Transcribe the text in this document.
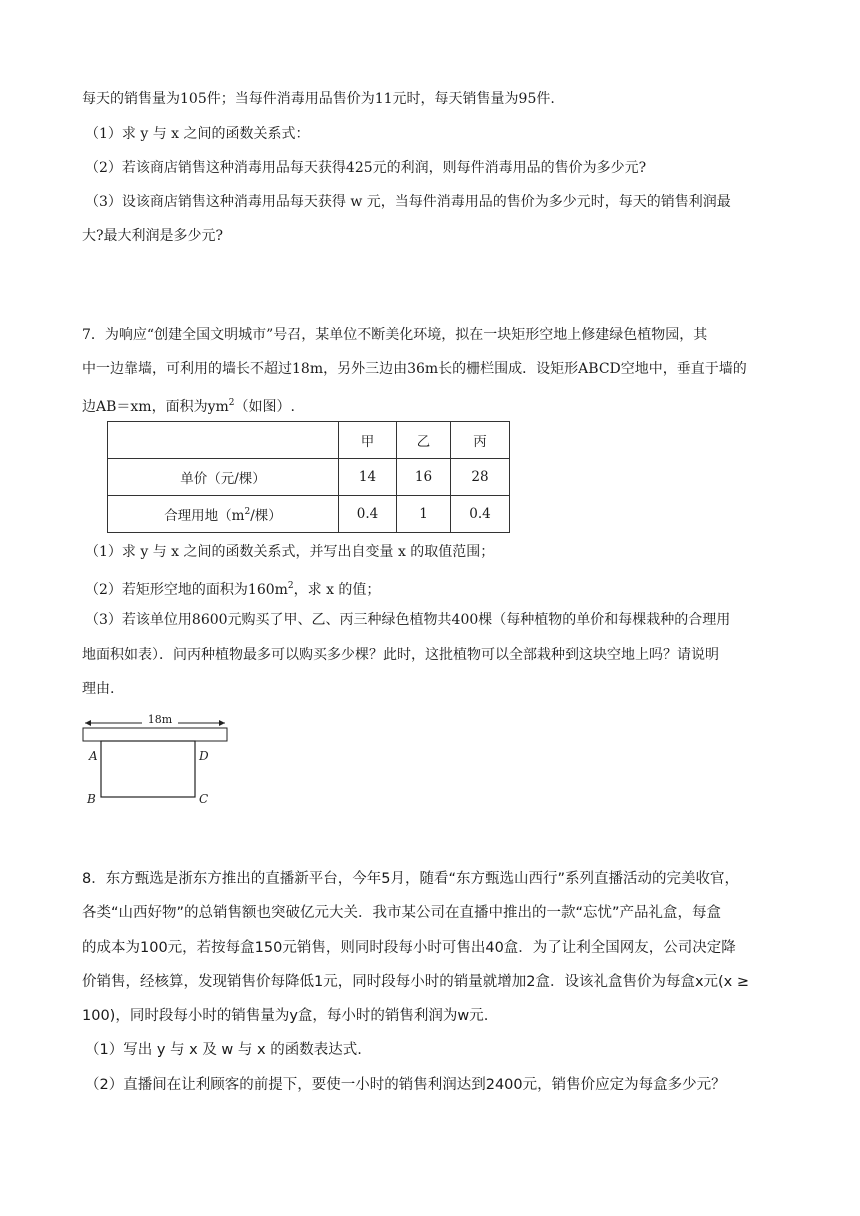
每天的销售量为105件；当每件消毒用品售价为11元时，每天销售量为95件.
（1）求 y 与 x 之间的函数关系式：
（2）若该商店销售这种消毒用品每天获得425元的利润，则每件消毒用品的售价为多少元?
（3）设该商店销售这种消毒用品每天获得 w 元，当每件消毒用品的售价为多少元时，每天的销售利润最
大?最大利润是多少元?
7．为响应“创建全国文明城市”号召，某单位不断美化环境，拟在一块矩形空地上修建绿色植物园，其
中一边靠墙，可利用的墙长不超过18m，另外三边由36m长的栅栏围成．设矩形ABCD空地中，垂直于墙的
边AB＝xm，面积为$ym^2$（如图）.
	甲	乙	丙
单价（元/棵）	14	16	28
合理用地（$m^2/$棵）	0.4	1	0.4
（1）求 y 与 x 之间的函数关系式，并写出自变量 x 的取值范围；
（2）若矩形空地的面积为$160m^2$，求 x 的值；
（3）若该单位用8600元购买了甲、乙、丙三种绿色植物共400棵（每种植物的单价和每棵栽种的合理用
地面积如表）．问丙种植物最多可以购买多少棵？此时，这批植物可以全部栽种到这块空地上吗？请说明
理由.
18m
A	D
B	C
8．东方甄选是浙东方推出的直播新平台，今年5月，随看“东方甄选山西行”系列直播活动的完美收官，
各类“山西好物”的总销售额也突破亿元大关．我市某公司在直播中推出的一款“忘忧”产品礼盒，每盒
的成本为100元，若按每盒150元销售，则同时段每小时可售出40盒．为了让利全国网友，公司决定降
价销售，经核算，发现销售价每降低1元，同时段每小时的销量就增加2盒．设该礼盒售价为每盒x元(x ≥
100)，同时段每小时的销售量为y盒，每小时的销售利润为w元.
（1）写出 y 与 x 及 w 与 x 的函数表达式.
（2）直播间在让利顾客的前提下，要使一小时的销售利润达到2400元，销售价应定为每盒多少元？
